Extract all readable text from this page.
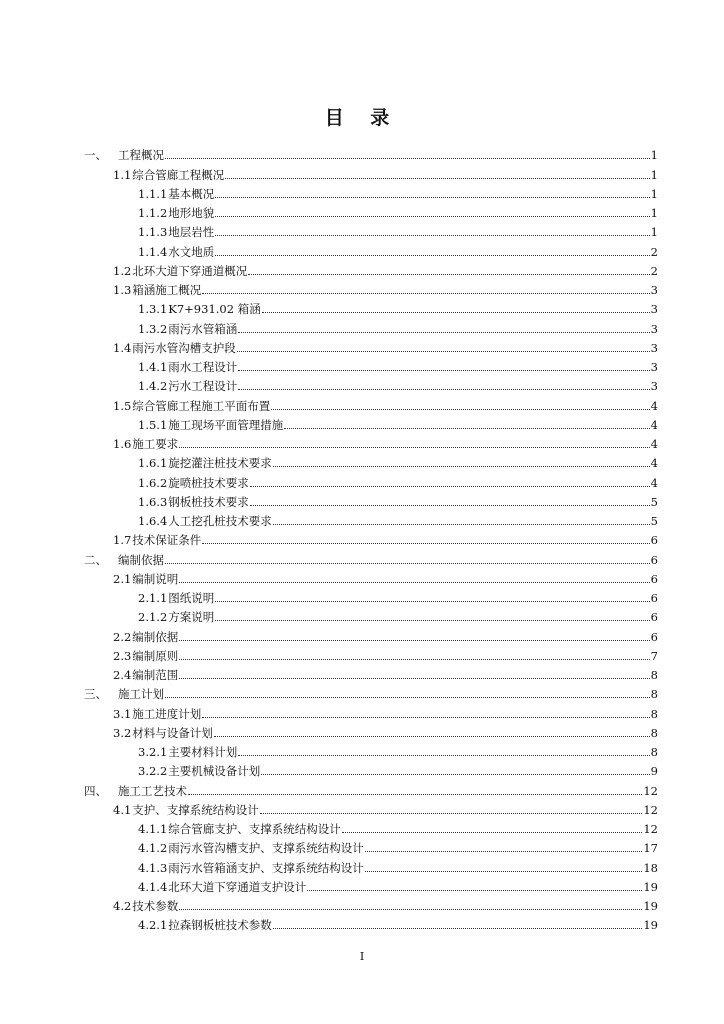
目 录
一、 工程概况	1
1.1 综合管廊工程概况	1
1.1.1 基本概况	1
1.1.2 地形地貌	1
1.1.3 地层岩性	1
1.1.4 水文地质	2
1.2 北环大道下穿通道概况	2
1.3 箱涵施工概况	3
1.3.1 K7+931.02 箱涵	3
1.3.2 雨污水管箱涵	3
1.4 雨污水管沟槽支护段	3
1.4.1 雨水工程设计	3
1.4.2 污水工程设计	3
1.5 综合管廊工程施工平面布置	4
1.5.1 施工现场平面管理措施	4
1.6 施工要求	4
1.6.1 旋挖灌注桩技术要求	4
1.6.2 旋喷桩技术要求	4
1.6.3 钢板桩技术要求	5
1.6.4 人工挖孔桩技术要求	5
1.7 技术保证条件	6
二、 编制依据	6
2.1 编制说明	6
2.1.1 图纸说明	6
2.1.2 方案说明	6
2.2 编制依据	6
2.3 编制原则	7
2.4 编制范围	8
三、 施工计划	8
3.1 施工进度计划	8
3.2 材料与设备计划	8
3.2.1 主要材料计划	8
3.2.2 主要机械设备计划	9
四、 施工工艺技术	12
4.1 支护、支撑系统结构设计	12
4.1.1 综合管廊支护、支撑系统结构设计	12
4.1.2 雨污水管沟槽支护、支撑系统结构设计	17
4.1.3 雨污水管箱涵支护、支撑系统结构设计	18
4.1.4 北环大道下穿通道支护设计	19
4.2 技术参数	19
4.2.1 拉森钢板桩技术参数	19
I
